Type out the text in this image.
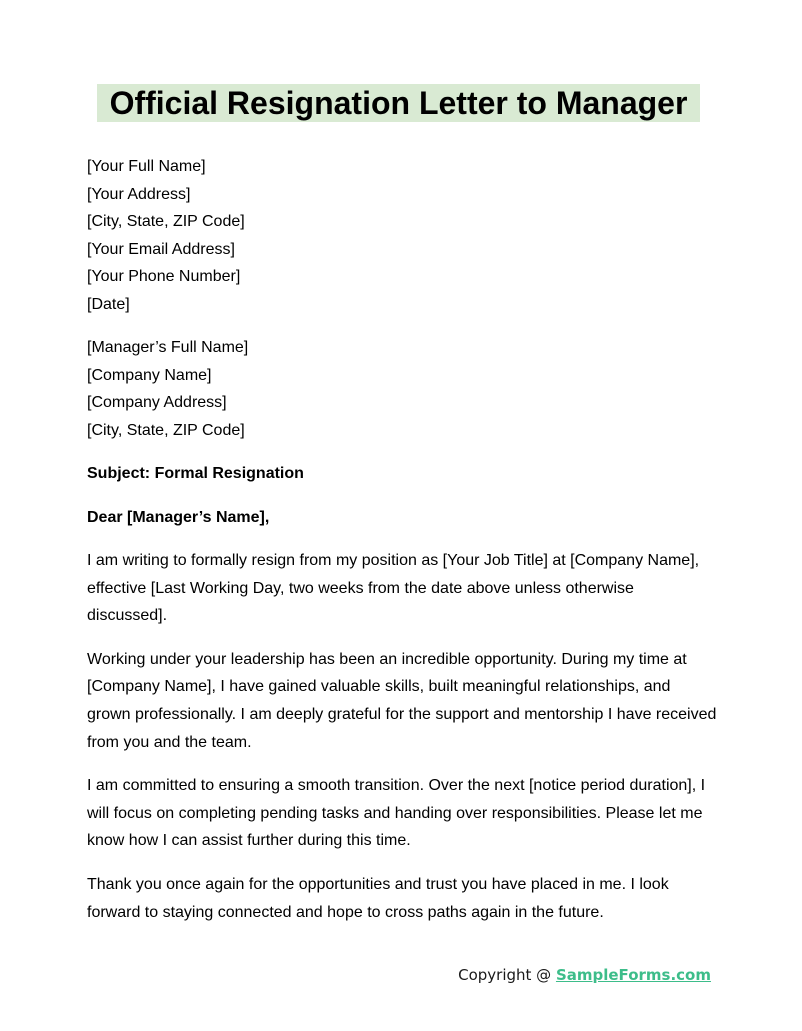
Official Resignation Letter to Manager
[Your Full Name]
[Your Address]
[City, State, ZIP Code]
[Your Email Address]
[Your Phone Number]
[Date]
[Manager’s Full Name]
[Company Name]
[Company Address]
[City, State, ZIP Code]
Subject: Formal Resignation
Dear [Manager’s Name],
I am writing to formally resign from my position as [Your Job Title] at [Company Name], effective [Last Working Day, two weeks from the date above unless otherwise discussed].
Working under your leadership has been an incredible opportunity. During my time at [Company Name], I have gained valuable skills, built meaningful relationships, and grown professionally. I am deeply grateful for the support and mentorship I have received from you and the team.
I am committed to ensuring a smooth transition. Over the next [notice period duration], I will focus on completing pending tasks and handing over responsibilities. Please let me know how I can assist further during this time.
Thank you once again for the opportunities and trust you have placed in me. I look forward to staying connected and hope to cross paths again in the future.
Copyright @ SampleForms.com
